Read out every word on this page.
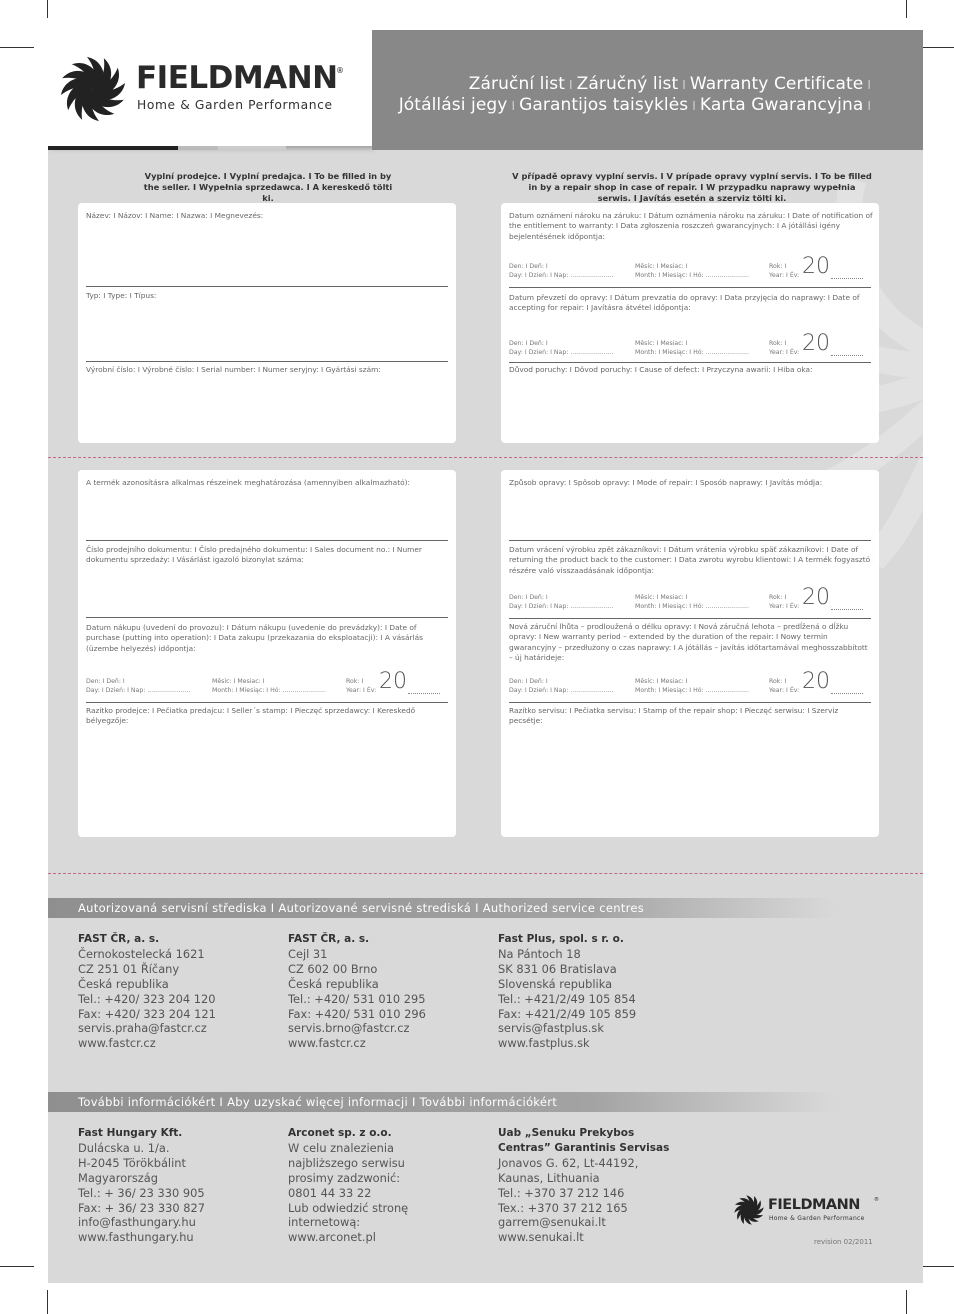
FIELDMANN
®
Home & Garden Performance
Záruční list I Záručný list I Warranty Certificate I
Jótállási jegy I Garantijos taisyklės I Karta Gwarancyjna I
Vyplní prodejce. I Vyplní predajca. I To be filled in by the seller. I Wypełnia sprzedawca. I A kereskedő tölti ki.
V případě opravy vyplní servis. I V prípade opravy vyplní servis. I To be filled in by a repair shop in case of repair. I W przypadku naprawy wypełnia serwis. I Javítás esetén a szerviz tölti ki.
Název: I Názov: I Name: I Nazwa: I Megnevezés:
Typ: I Type: I Típus:
Výrobní číslo: I Výrobné číslo: I Serial number: I Numer seryjny: I Gyártási szám:
Datum oznámení nároku na záruku: I Dátum oznámenia nároku na záruku: I Date of notification of the entitlement to warranty: I Data zgłoszenia roszczeń gwarancyjnych: I A jótállási igény bejelentésének időpontja:
Den: I Deň: I
Day: I Dzień: I Nap: ......................
Měsíc: I Mesiac: I
Month: I Miesiąc: I Hó: ......................
Rok: I
Year: I Év: 20
Datum převzetí do opravy: I Dátum prevzatia do opravy: I Data przyjęcia do naprawy: I Date of accepting for repair: I Javításra átvétel időpontja:
Den: I Deň: I
Day: I Dzień: I Nap: ......................
Měsíc: I Mesiac: I
Month: I Miesiąc: I Hó: ......................
Rok: I
Year: I Év: 20
Důvod poruchy: I Dôvod poruchy: I Cause of defect: I Przyczyna awarii: I Hiba oka:
A termék azonosításra alkalmas részeinek meghatározása (amennyiben alkalmazható):
Číslo prodejního dokumentu: I Číslo predajného dokumentu: I Sales document no.: I Numer dokumentu sprzedaży: I Vásárlást igazoló bizonylat száma:
Datum nákupu (uvedení do provozu): I Dátum nákupu (uvedenie do prevádzky): I Date of purchase (putting into operation): I Data zakupu (przekazania do eksploatacji): I A vásárlás (üzembe helyezés) időpontja:
Den: I Deň: I
Day: I Dzień: I Nap: ......................
Měsíc: I Mesiac: I
Month: I Miesiąc: I Hó: ......................
Rok: I
Year: I Év: 20
Razítko prodejce: I Pečiatka predajcu: I Seller´s stamp: I Pieczęć sprzedawcy: I Kereskedő bélyegzője:
Způsob opravy: I Spôsob opravy: I Mode of repair: I Sposób naprawy: I Javítás módja:
Datum vrácení výrobku zpět zákazníkovi: I Dátum vrátenia výrobku späť zákazníkovi: I Date of returning the product back to the customer: I Data zwrotu wyrobu klientowi: I A termék fogyasztó részére való visszaadásának időpontja:
Den: I Deň: I
Day: I Dzień: I Nap: ......................
Měsíc: I Mesiac: I
Month: I Miesiąc: I Hó: ......................
Rok: I
Year: I Év: 20
Nová záruční lhůta – prodloužená o délku opravy: I Nová záručná lehota – predĺžená o dĺžku opravy: I New warranty period – extended by the duration of the repair: I Nowy termin gwarancyjny – przedłużony o czas naprawy: I A jótállás – javítás időtartamával meghosszabbított – új határideje:
Den: I Deň: I
Day: I Dzień: I Nap: ......................
Měsíc: I Mesiac: I
Month: I Miesiąc: I Hó: ......................
Rok: I
Year: I Év: 20
Razítko servisu: I Pečiatka servisu: I Stamp of the repair shop: I Pieczęć serwisu: I Szerviz pecsétje:
Autorizovaná servisní střediska I Autorizované servisné strediská I Authorized service centres
FAST ČR, a. s.
Černokostelecká 1621
CZ 251 01 Říčany
Česká republika
Tel.: +420/ 323 204 120
Fax: +420/ 323 204 121
servis.praha@fastcr.cz
www.fastcr.cz
FAST ČR, a. s.
Cejl 31
CZ 602 00 Brno
Česká republika
Tel.: +420/ 531 010 295
Fax: +420/ 531 010 296
servis.brno@fastcr.cz
www.fastcr.cz
Fast Plus, spol. s r. o.
Na Pántoch 18
SK 831 06 Bratislava
Slovenská republika
Tel.: +421/2/49 105 854
Fax: +421/2/49 105 859
servis@fastplus.sk
www.fastplus.sk
További információkért I Aby uzyskać więcej informacji I További információkért
Fast Hungary Kft.
Dulácska u. 1/a.
H-2045 Törökbálint
Magyarország
Tel.: + 36/ 23 330 905
Fax: + 36/ 23 330 827
info@fasthungary.hu
www.fasthungary.hu
Arconet sp. z o.o.
W celu znalezienia
najbliższego serwisu
prosimy zadzwonić:
0801 44 33 22
Lub odwiedzić stronę
internetową:
www.arconet.pl
Uab „Senuku Prekybos
Centras” Garantinis Servisas
Jonavos G. 62, Lt-44192,
Kaunas, Lithuania
Tel.: +370 37 212 146
Tex.: +370 37 212 165
garrem@senukai.lt
www.senukai.lt
FIELDMANN	®
Home & Garden Performance
revision 02/2011
